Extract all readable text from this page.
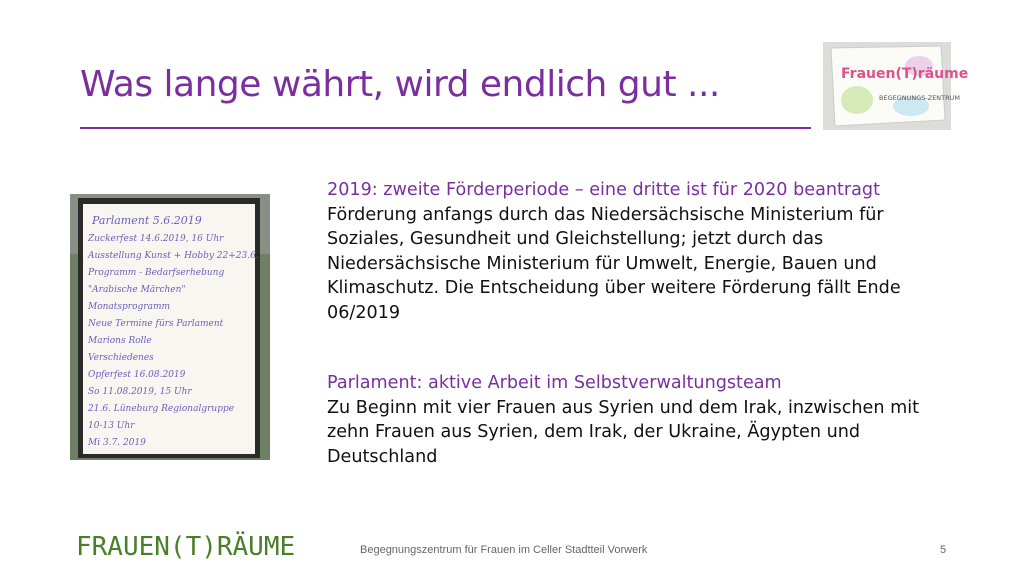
Was lange währt, wird endlich gut ...	Frauen(T)räume
BEGEGNUNGS-ZENTRUM
Parlament 5.6.2019
Zuckerfest 14.6.2019, 16 Uhr
Ausstellung Kunst + Hobby 22+23.6.
Programm - Bedarfserhebung
"Arabische Märchen"
Monatsprogramm
Neue Termine fürs Parlament
Marions Rolle
Verschiedenes
Opferfest 16.08.2019
So 11.08.2019, 15 Uhr
21.6. Lüneburg Regionalgruppe
10-13 Uhr
Mi 3.7. 2019

2019: zweite Förderperiode – eine dritte ist für 2020 beantragt

Förderung anfangs durch das Niedersächsische Ministerium für Soziales, Gesundheit und Gleichstellung; jetzt durch das Niedersächsische Ministerium für Umwelt, Energie, Bauen und Klimaschutz. Die Entscheidung über weitere Förderung fällt Ende 06/2019

Parlament: aktive Arbeit im Selbstverwaltungsteam

Zu Beginn mit vier Frauen aus Syrien und dem Irak, inzwischen mit zehn Frauen aus Syrien, dem Irak, der Ukraine, Ägypten und Deutschland

FRAUEN(T)RÄUME	Begegnungszentrum für Frauen im Celler Stadtteil Vorwerk	5
